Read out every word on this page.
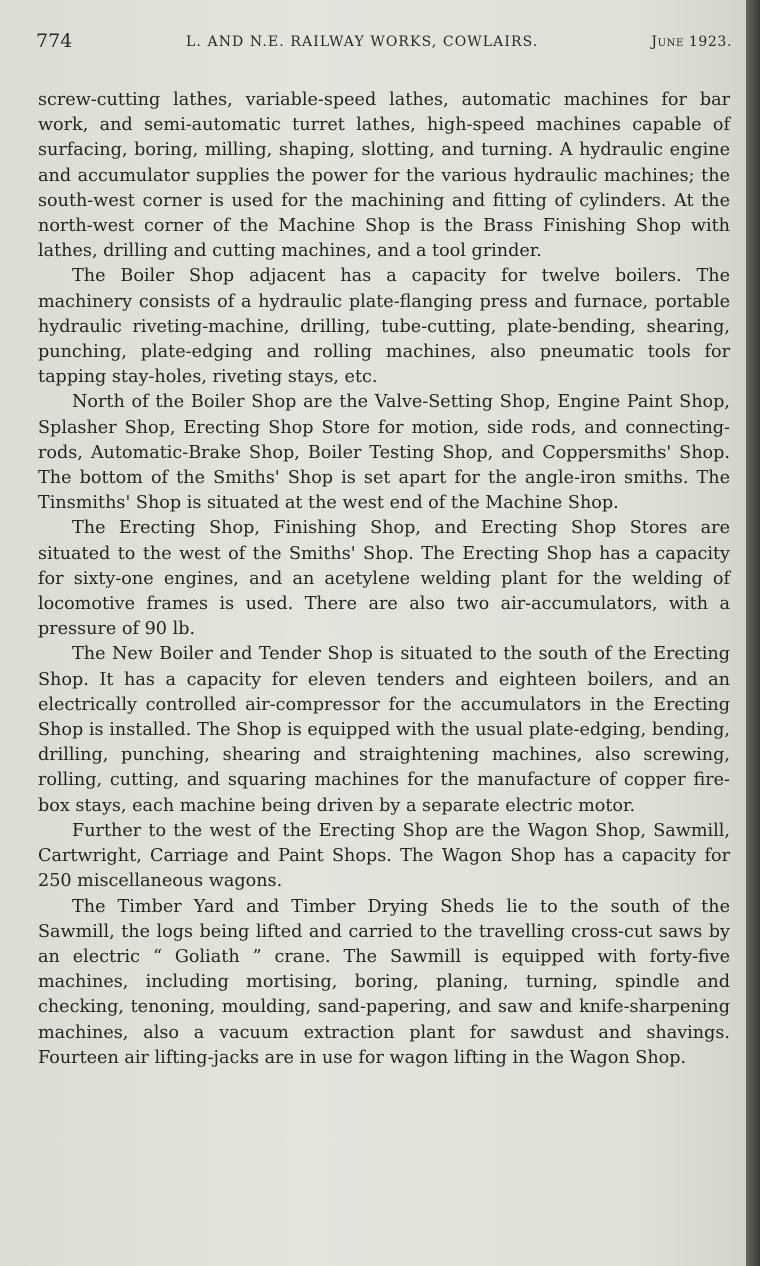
774	L. AND N.E. RAILWAY WORKS, COWLAIRS.	June 1923.

screw-cutting lathes, variable-speed lathes, automatic machines for bar work, and semi-automatic turret lathes, high-speed machines capable of surfacing, boring, milling, shaping, slotting, and turning. A hydraulic engine and accumulator supplies the power for the various hydraulic machines; the south-west corner is used for the machining and fitting of cylinders. At the north-west corner of the Machine Shop is the Brass Finishing Shop with lathes, drilling and cutting machines, and a tool grinder.

The Boiler Shop adjacent has a capacity for twelve boilers. The machinery consists of a hydraulic plate-flanging press and furnace, portable hydraulic riveting-machine, drilling, tube-cutting, plate-bending, shearing, punching, plate-edging and rolling machines, also pneumatic tools for tapping stay-holes, riveting stays, etc.

North of the Boiler Shop are the Valve-Setting Shop, Engine Paint Shop, Splasher Shop, Erecting Shop Store for motion, side rods, and connecting-rods, Automatic-Brake Shop, Boiler Testing Shop, and Coppersmiths' Shop. The bottom of the Smiths' Shop is set apart for the angle-iron smiths. The Tinsmiths' Shop is situated at the west end of the Machine Shop.

The Erecting Shop, Finishing Shop, and Erecting Shop Stores are situated to the west of the Smiths' Shop. The Erecting Shop has a capacity for sixty-one engines, and an acetylene welding plant for the welding of locomotive frames is used. There are also two air-accumulators, with a pressure of 90 lb.

The New Boiler and Tender Shop is situated to the south of the Erecting Shop. It has a capacity for eleven tenders and eighteen boilers, and an electrically controlled air-compressor for the accumulators in the Erecting Shop is installed. The Shop is equipped with the usual plate-edging, bending, drilling, punching, shearing and straightening machines, also screwing, rolling, cutting, and squaring machines for the manufacture of copper fire-box stays, each machine being driven by a separate electric motor.

Further to the west of the Erecting Shop are the Wagon Shop, Sawmill, Cartwright, Carriage and Paint Shops. The Wagon Shop has a capacity for 250 miscellaneous wagons.

The Timber Yard and Timber Drying Sheds lie to the south of the Sawmill, the logs being lifted and carried to the travelling cross-cut saws by an electric “ Goliath ” crane. The Sawmill is equipped with forty-five machines, including mortising, boring, planing, turning, spindle and checking, tenoning, moulding, sand-papering, and saw and knife-sharpening machines, also a vacuum extraction plant for sawdust and shavings. Fourteen air lifting-jacks are in use for wagon lifting in the Wagon Shop.
